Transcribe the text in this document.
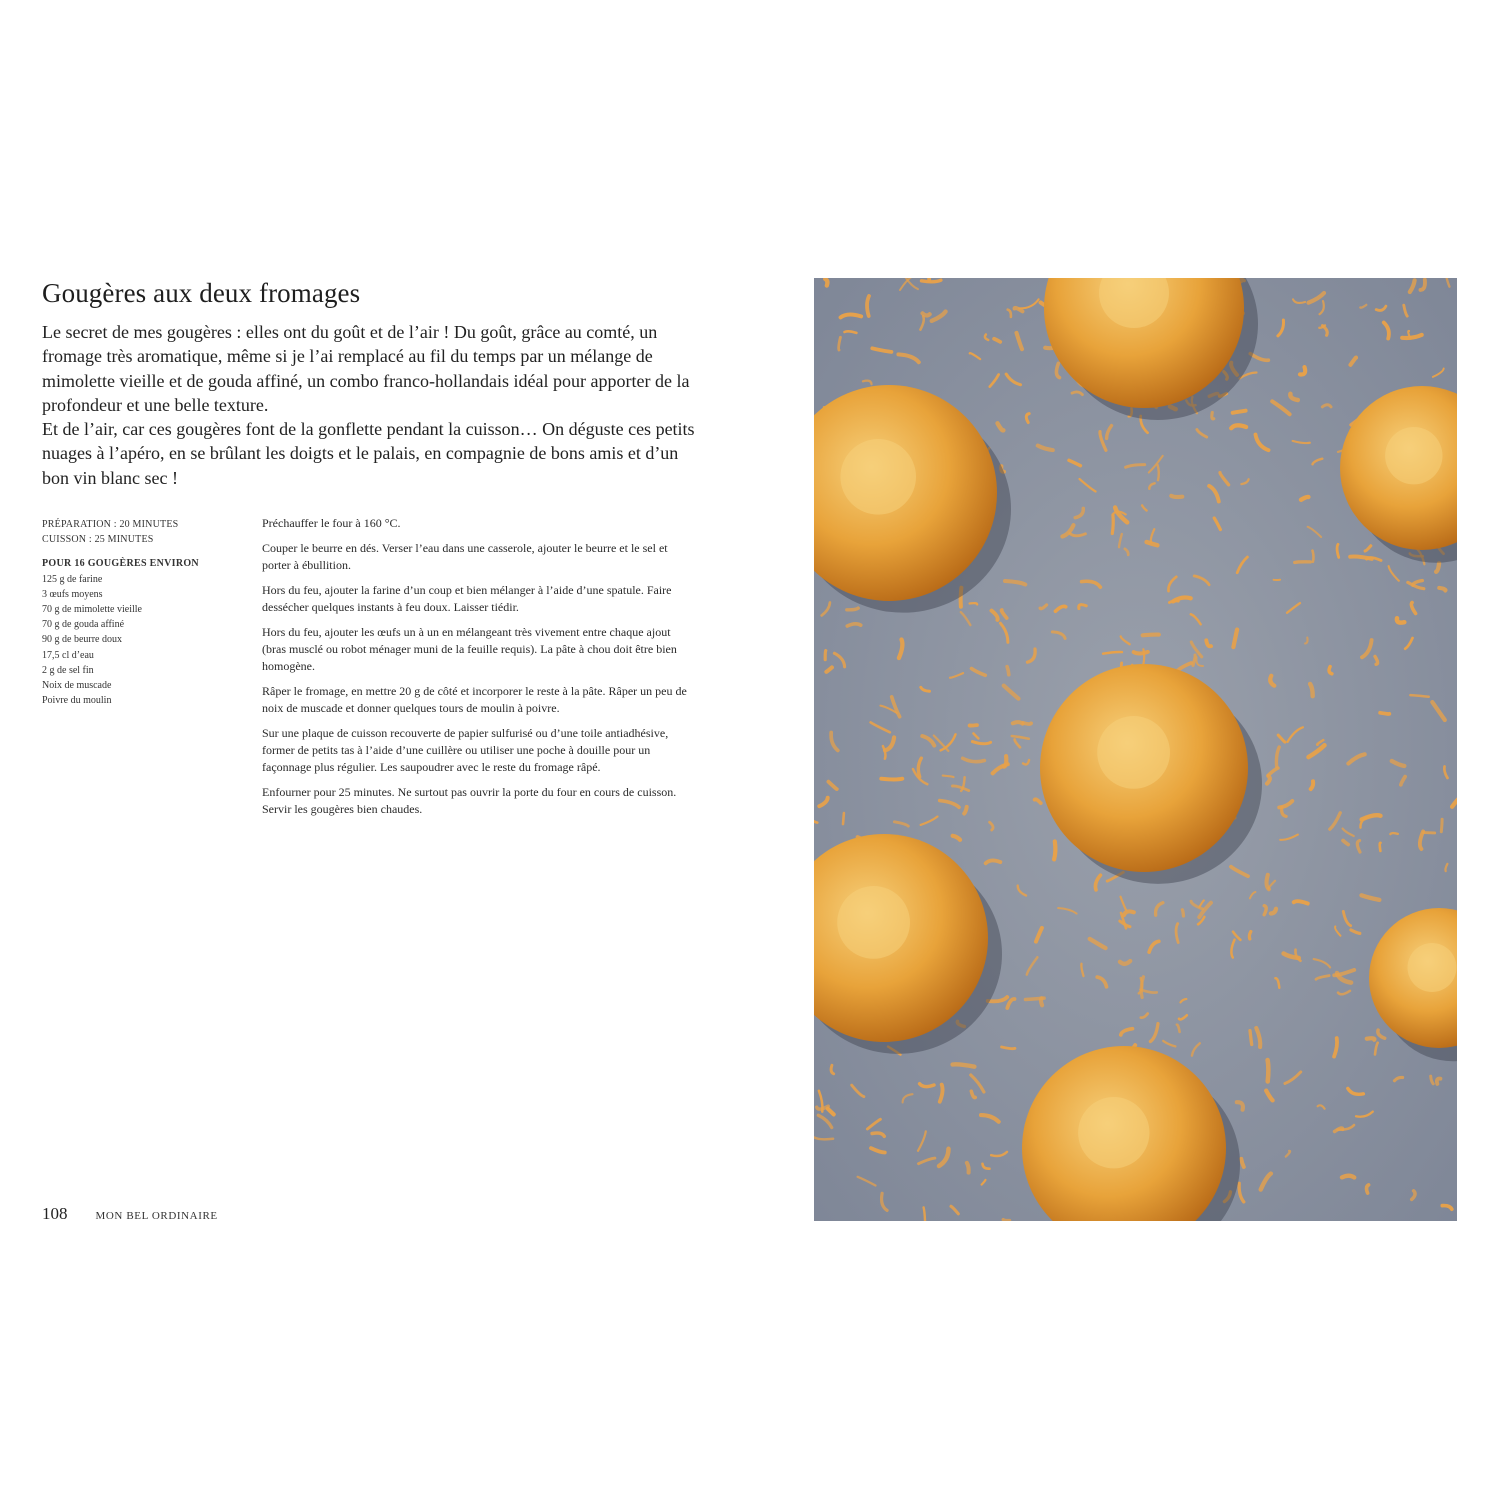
Gougères aux deux fromages

Le secret de mes gougères : elles ont du goût et de l’air ! Du goût, grâce au comté, un fromage très aromatique, même si je l’ai remplacé au fil du temps par un mélange de mimolette vieille et de gouda affiné, un combo franco-hollandais idéal pour apporter de la profondeur et une belle texture.

Et de l’air, car ces gougères font de la gonflette pendant la cuisson… On déguste ces petits nuages à l’apéro, en se brûlant les doigts et le palais, en compagnie de bons amis et d’un bon vin blanc sec !

PRÉPARATION : 20 MINUTES

CUISSON : 25 MINUTES

POUR 16 GOUGÈRES ENVIRON

125 g de farine
3 œufs moyens
70 g de mimolette vieille
70 g de gouda affiné
90 g de beurre doux
17,5 cl d’eau
2 g de sel fin
Noix de muscade
Poivre du moulin

Préchauffer le four à 160 °C.

Couper le beurre en dés. Verser l’eau dans une casserole, ajouter le beurre et le sel et porter à ébullition.

Hors du feu, ajouter la farine d’un coup et bien mélanger à l’aide d’une spatule. Faire dessécher quelques instants à feu doux. Laisser tiédir.

Hors du feu, ajouter les œufs un à un en mélangeant très vivement entre chaque ajout (bras musclé ou robot ménager muni de la feuille requis). La pâte à chou doit être bien homogène.

Râper le fromage, en mettre 20 g de côté et incorporer le reste à la pâte. Râper un peu de noix de muscade et donner quelques tours de moulin à poivre.

Sur une plaque de cuisson recouverte de papier sulfurisé ou d’une toile antiadhésive, former de petits tas à l’aide d’une cuillère ou utiliser une poche à douille pour un façonnage plus régulier. Les saupoudrer avec le reste du fromage râpé.

Enfourner pour 25 minutes. Ne surtout pas ouvrir la porte du four en cours de cuisson. Servir les gougères bien chaudes.

108	MON BEL ORDINAIRE
